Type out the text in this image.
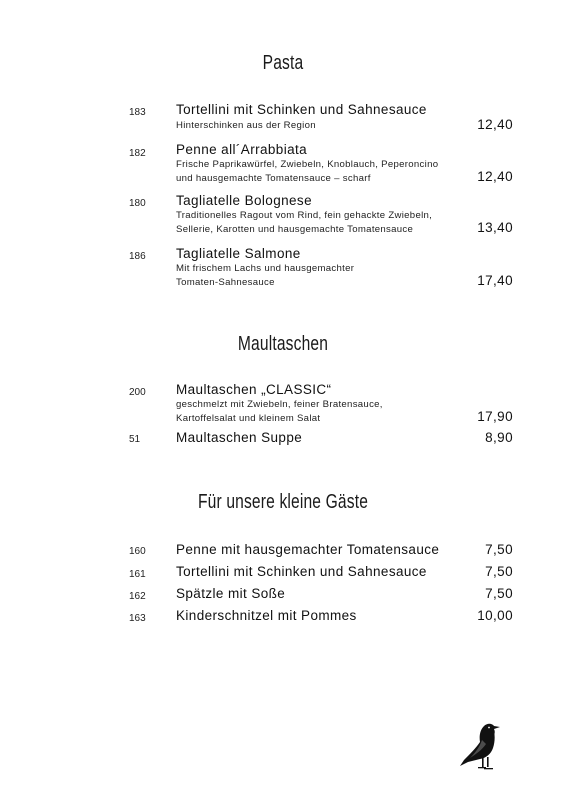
Pasta
Maultaschen
Für unsere kleine Gäste
183 Tortellini mit Schinken und Sahnesauce
Hinterschinken aus der Region	12,40
182 Penne all´Arrabbiata
Frische Paprikawürfel, Zwiebeln, Knoblauch, Peperoncino
und hausgemachte Tomatensauce – scharf	12,40
180 Tagliatelle Bolognese
Traditionelles Ragout vom Rind, fein gehackte Zwiebeln,
Sellerie, Karotten und hausgemachte Tomatensauce	13,40
186 Tagliatelle Salmone
Mit frischem Lachs und hausgemachter
Tomaten-Sahnesauce	17,40
200 Maultaschen „CLASSIC“
geschmelzt mit Zwiebeln, feiner Bratensauce,
Kartoffelsalat und kleinem Salat	17,90
51	Maultaschen Suppe	8,90
160 Penne mit hausgemachter Tomatensauce	7,50
161 Tortellini mit Schinken und Sahnesauce	7,50
162 Spätzle mit Soße	7,50
163 Kinderschnitzel mit Pommes	10,00
